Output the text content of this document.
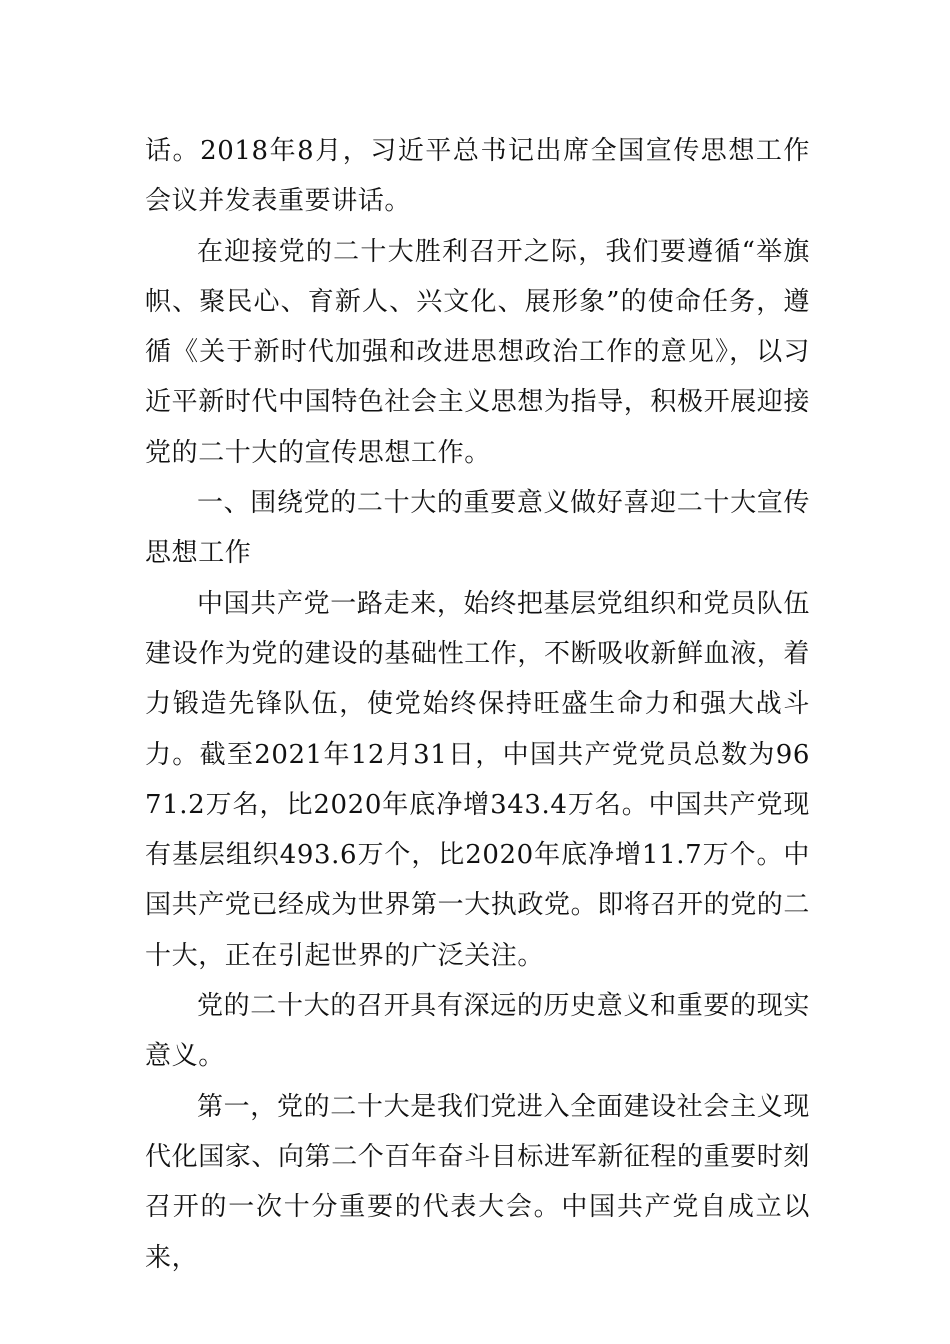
话。2018年8月，习近平总书记出席全国宣传思想工作会议并发表重要讲话。

在迎接党的二十大胜利召开之际，我们要遵循“举旗帜、聚民心、育新人、兴文化、展形象”的使命任务，遵循《关于新时代加强和改进思想政治工作的意见》，以习近平新时代中国特色社会主义思想为指导，积极开展迎接党的二十大的宣传思想工作。

一、围绕党的二十大的重要意义做好喜迎二十大宣传思想工作

中国共产党一路走来，始终把基层党组织和党员队伍建设作为党的建设的基础性工作，不断吸收新鲜血液，着力锻造先锋队伍，使党始终保持旺盛生命力和强大战斗力。截至2021年12月31日，中国共产党党员总数为9671.2万名，比2020年底净增343.4万名。中国共产党现有基层组织493.6万个，比2020年底净增11.7万个。中国共产党已经成为世界第一大执政党。即将召开的党的二十大，正在引起世界的广泛关注。

党的二十大的召开具有深远的历史意义和重要的现实意义。

第一，党的二十大是我们党进入全面建设社会主义现代化国家、向第二个百年奋斗目标进军新征程的重要时刻召开的一次十分重要的代表大会。中国共产党自成立以来，
